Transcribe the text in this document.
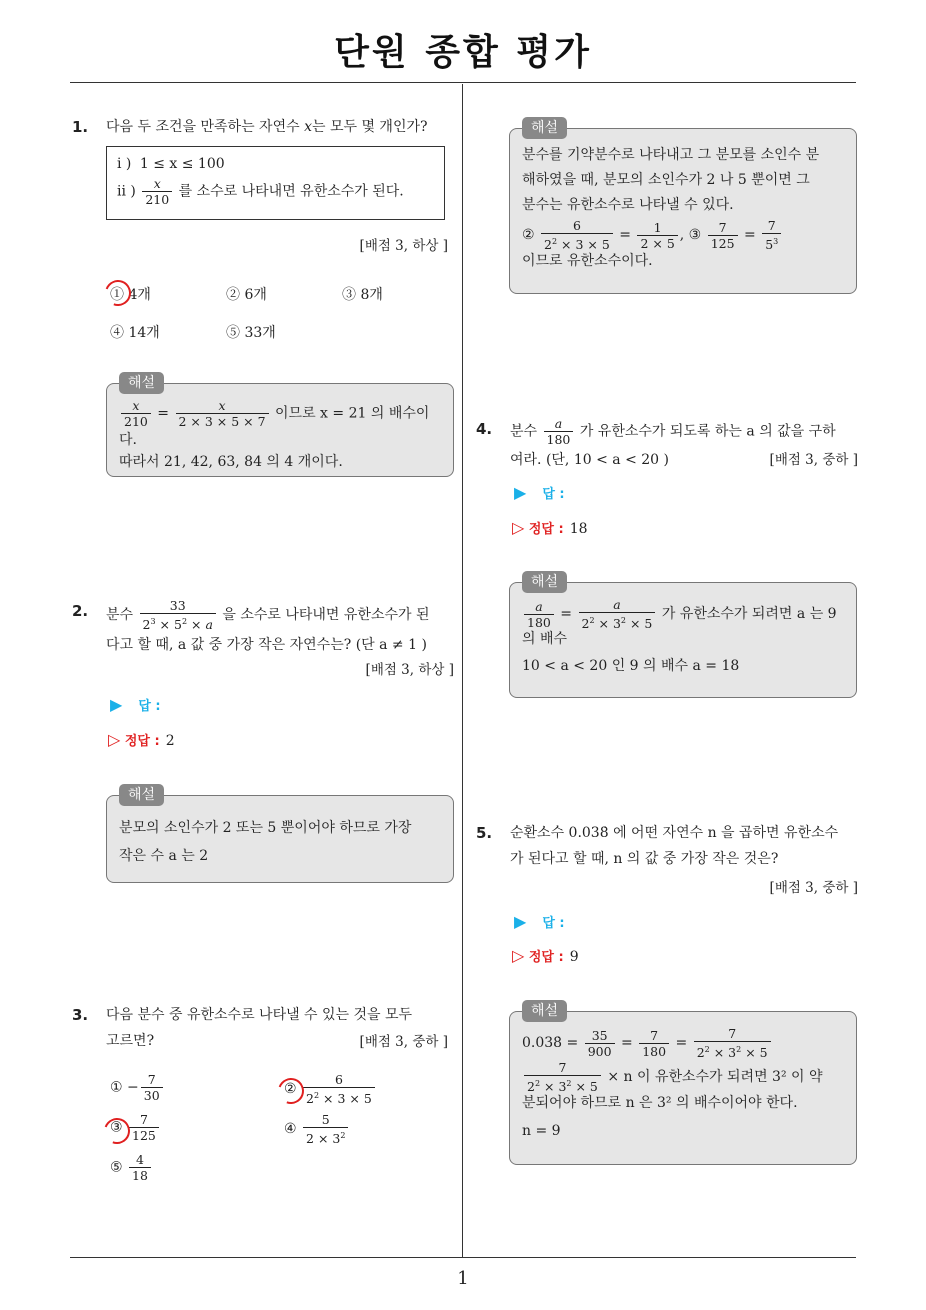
단원 종합 평가
1
1. 다음 두 조건을 만족하는 자연수 x는 모두 몇 개인가?
i ) 1 ≤ x ≤ 100
ii ) $\frac{x}{210}$ 를 소수로 나타내면 유한소수가 된다.
[배점 3, 하상 ]
① 4개	② 6개	③ 8개
④ 14개	⑤ 33개
해설
$\frac{x}{210} = \frac{x}{2 \times 3 \times 5 \times 7}$ 이므로 x = 21 의 배수이다.
따라서 21, 42, 63, 84 의 4 개이다.
2. 분수 $\frac{33}{2^3 \times 5^2 \times a}$ 을 소수로 나타내면 유한소수가 된
다고 할 때, a 값 중 가장 작은 자연수는? (단 a ≠ 1 )
[배점 3, 하상 ]
▶ 답 :
▷ 정답 : 2
해설
분모의 소인수가 2 또는 5 뿐이어야 하므로 가장
작은 수 a 는 2
3. 다음 분수 중 유한소수로 나타낼 수 있는 것을 모두
고르면?	[배점 3, 중하 ]
① − $\frac{7}{30}$	② $\frac{6}{2^2 \times 3 \times 5}$
③ $\frac{7}{125}$	④ $\frac{5}{2 \times 3^2}$
⑤ $\frac{4}{18}$
해설
분수를 기약분수로 나타내고 그 분모를 소인수 분
해하였을 때, 분모의 소인수가 2 나 5 뿐이면 그
분수는 유한소수로 나타낼 수 있다.
② $\frac{6}{2^2 \times 3 \times 5} = \frac{1}{2 \times 5}$ , ③ $\frac{7}{125} = \frac{7}{5^3}$
이므로 유한소수이다.
4. 분수 $\frac{a}{180}$ 가 유한소수가 되도록 하는 a 의 값을 구하
여라. (단, 10 < a < 20 )	[배점 3, 중하 ]
▶ 답 :
▷ 정답 : 18
해설
$\frac{a}{180} = \frac{a}{2^2 \times 3^2 \times 5}$ 가 유한소수가 되려면 a 는 9
의 배수
10 < a < 20 인 9 의 배수 a = 18
5. 순환소수 0.038̇ 에 어떤 자연수 n 을 곱하면 유한소수
가 된다고 할 때, n 의 값 중 가장 작은 것은?
[배점 3, 중하 ]
▶ 답 :
▷ 정답 : 9
해설
0.038̇ = $\frac{35}{900} = \frac{7}{180} = \frac{7}{2^2 \times 3^2 \times 5}$
$\frac{7}{2^2 \times 3^2 \times 5} \times n$ 이 유한소수가 되려면 3² 이 약
분되어야 하므로 n 은 3² 의 배수이어야 한다.
n = 9
